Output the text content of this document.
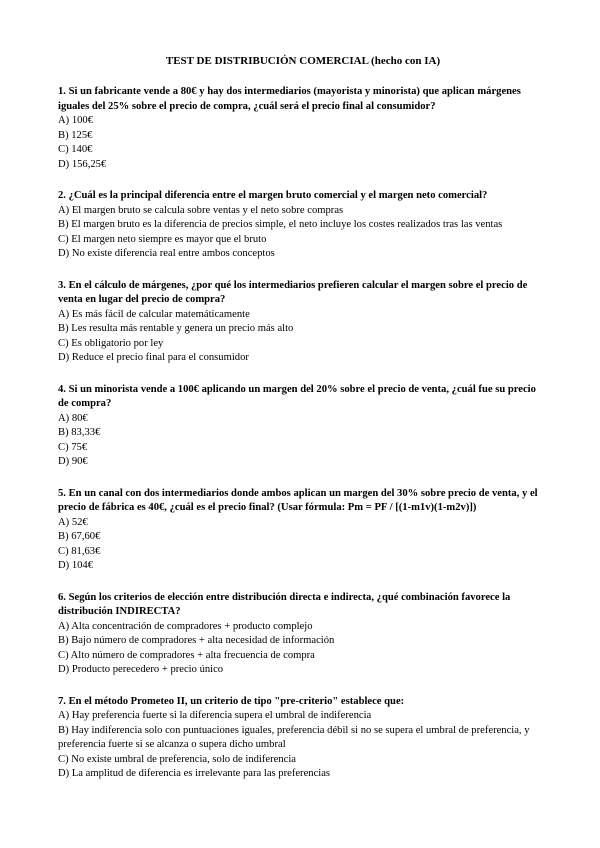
TEST DE DISTRIBUCIÓN COMERCIAL (hecho con IA)

1. Si un fabricante vende a 80€ y hay dos intermediarios (mayorista y minorista) que aplican márgenes iguales del 25% sobre el precio de compra, ¿cuál será el precio final al consumidor?

A) 100€
B) 125€
C) 140€
D) 156,25€

2. ¿Cuál es la principal diferencia entre el margen bruto comercial y el margen neto comercial?

A) El margen bruto se calcula sobre ventas y el neto sobre compras
B) El margen bruto es la diferencia de precios simple, el neto incluye los costes realizados tras las ventas
C) El margen neto siempre es mayor que el bruto
D) No existe diferencia real entre ambos conceptos

3. En el cálculo de márgenes, ¿por qué los intermediarios prefieren calcular el margen sobre el precio de venta en lugar del precio de compra?

A) Es más fácil de calcular matemáticamente
B) Les resulta más rentable y genera un precio más alto
C) Es obligatorio por ley
D) Reduce el precio final para el consumidor

4. Si un minorista vende a 100€ aplicando un margen del 20% sobre el precio de venta, ¿cuál fue su precio de compra?

A) 80€
B) 83,33€
C) 75€
D) 90€

5. En un canal con dos intermediarios donde ambos aplican un margen del 30% sobre precio de venta, y el precio de fábrica es 40€, ¿cuál es el precio final? (Usar fórmula: Pm = PF / [(1-m1v)(1-m2v)])

A) 52€
B) 67,60€
C) 81,63€
D) 104€

6. Según los criterios de elección entre distribución directa e indirecta, ¿qué combinación favorece la distribución INDIRECTA?

A) Alta concentración de compradores + producto complejo
B) Bajo número de compradores + alta necesidad de información
C) Alto número de compradores + alta frecuencia de compra
D) Producto perecedero + precio único

7. En el método Prometeo II, un criterio de tipo "pre-criterio" establece que:

A) Hay preferencia fuerte si la diferencia supera el umbral de indiferencia
B) Hay indiferencia solo con puntuaciones iguales, preferencia débil si no se supera el umbral de preferencia, y preferencia fuerte si se alcanza o supera dicho umbral
C) No existe umbral de preferencia, solo de indiferencia
D) La amplitud de diferencia es irrelevante para las preferencias
